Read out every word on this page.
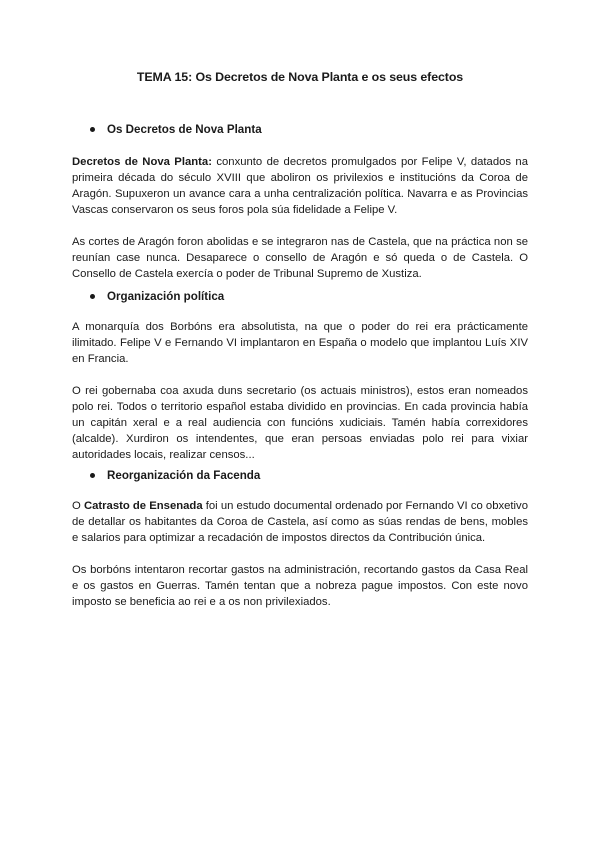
TEMA 15: Os Decretos de Nova Planta e os seus efectos
Os Decretos de Nova Planta

Decretos de Nova Planta: conxunto de decretos promulgados por Felipe V, datados na primeira década do século XVIII que aboliron os privilexios e institucións da Coroa de Aragón. Supuxeron un avance cara a unha centralización política. Navarra e as Provincias Vascas conservaron os seus foros pola súa fidelidade a Felipe V.

As cortes de Aragón foron abolidas e se integraron nas de Castela, que na práctica non se reunían case nunca. Desaparece o consello de Aragón e só queda o de Castela. O Consello de Castela exercía o poder de Tribunal Supremo de Xustiza.

Organización política

A monarquía dos Borbóns era absolutista, na que o poder do rei era prácticamente ilimitado. Felipe V e Fernando VI implantaron en España o modelo que implantou Luís XIV en Francia.

O rei gobernaba coa axuda duns secretario (os actuais ministros), estos eran nomeados polo rei. Todos o territorio español estaba dividido en provincias. En cada provincia había un capitán xeral e a real audiencia con funcións xudiciais. Tamén había correxidores (alcalde). Xurdiron os intendentes, que eran persoas enviadas polo rei para vixiar autoridades locais, realizar censos...

Reorganización da Facenda

O Catrasto de Ensenada foi un estudo documental ordenado por Fernando VI co obxetivo de detallar os habitantes da Coroa de Castela, así como as súas rendas de bens, mobles e salarios para optimizar a recadación de impostos directos da Contribución única.

Os borbóns intentaron recortar gastos na administración, recortando gastos da Casa Real e os gastos en Guerras. Tamén tentan que a nobreza pague impostos. Con este novo imposto se beneficia ao rei e a os non privilexiados.
